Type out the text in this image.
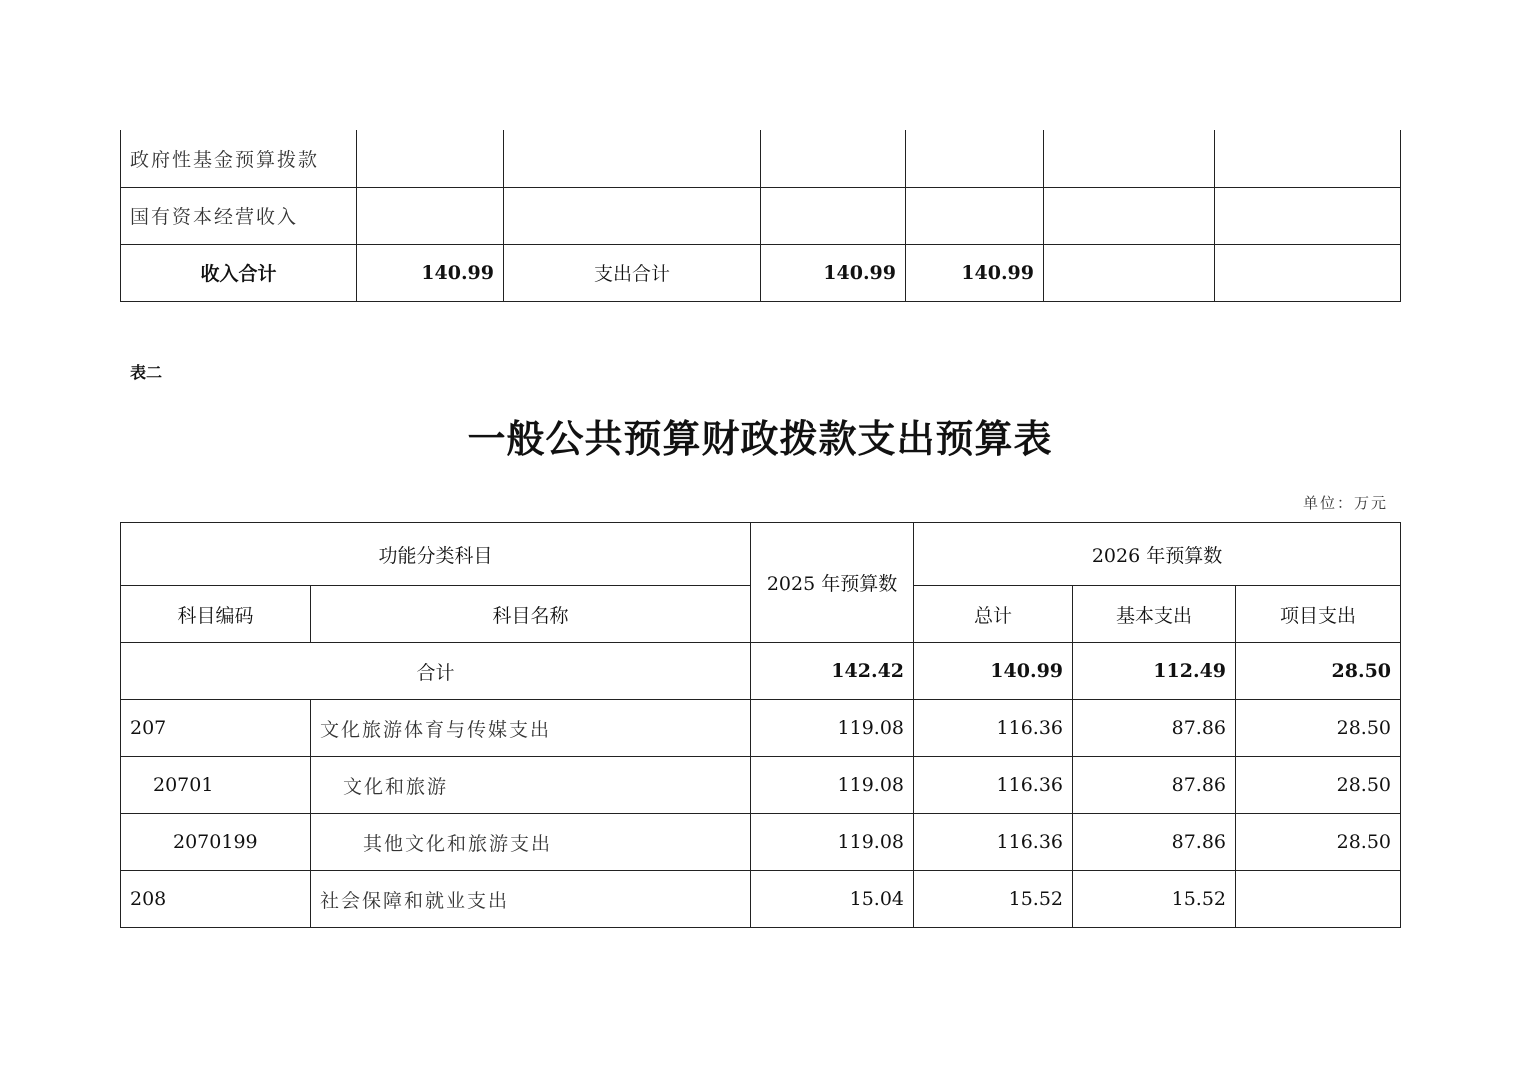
政府性基金预算拨款						
国有资本经营收入						
收入合计	140.99	支出合计	140.99	140.99		
表二
一般公共预算财政拨款支出预算表
单位：万元
功能分类科目		2025 年预算数	2026 年预算数		
科目编码	科目名称		总计	基本支出	项目支出
合计		142.42	140.99	112.49	28.50
207	文化旅游体育与传媒支出	119.08	116.36	87.86	28.50
20701	文化和旅游	119.08	116.36	87.86	28.50
2070199	其他文化和旅游支出	119.08	116.36	87.86	28.50
208	社会保障和就业支出	15.04	15.52	15.52	
